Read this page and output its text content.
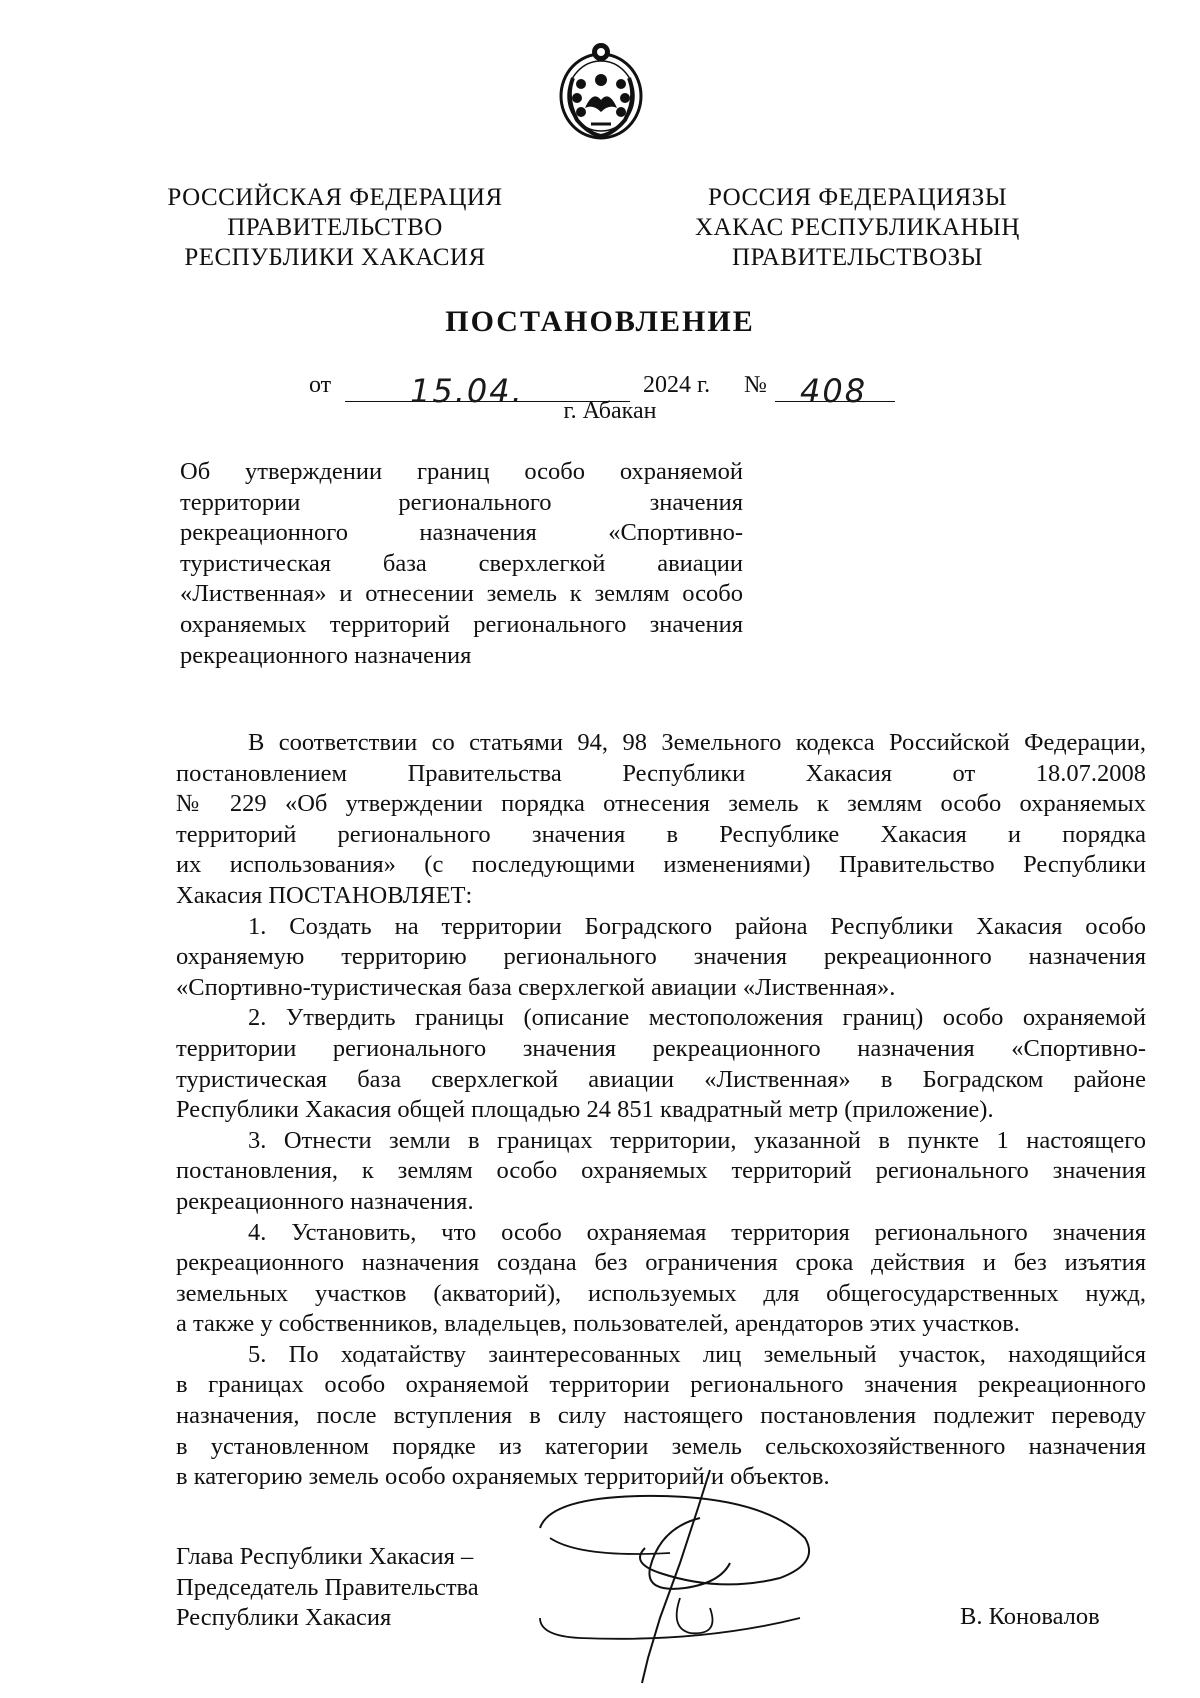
РОССИЙСКАЯ ФЕДЕРАЦИЯ
ПРАВИТЕЛЬСТВО
РЕСПУБЛИКИ ХАКАСИЯ
РОССИЯ ФЕДЕРАЦИЯЗЫ
ХАКАС РЕСПУБЛИКАНЫҢ
ПРАВИТЕЛЬСТВОЗЫ
ПОСТАНОВЛЕНИЕ
от 15.04.	2024 г. № 408
г. Абакан
Об утверждении границ особо охраняемой
территории регионального значения
рекреационного назначения «Спортивно-
туристическая база сверхлегкой авиации
«Лиственная» и отнесении земель к землям особо
охраняемых территорий регионального значения
рекреационного назначения
В соответствии со статьями 94, 98 Земельного кодекса Российской Федерации,
постановлением Правительства Республики Хакасия от 18.07.2008
№ 229 «Об утверждении порядка отнесения земель к землям особо охраняемых
территорий регионального значения в Республике Хакасия и порядка
их использования» (с последующими изменениями) Правительство Республики
Хакасия ПОСТАНОВЛЯЕТ:
1. Создать на территории Боградского района Республики Хакасия особо
охраняемую территорию регионального значения рекреационного назначения
«Спортивно-туристическая база сверхлегкой авиации «Лиственная».
2. Утвердить границы (описание местоположения границ) особо охраняемой
территории регионального значения рекреационного назначения «Спортивно-
туристическая база сверхлегкой авиации «Лиственная» в Боградском районе
Республики Хакасия общей площадью 24 851 квадратный метр (приложение).
3. Отнести земли в границах территории, указанной в пункте 1 настоящего
постановления, к землям особо охраняемых территорий регионального значения
рекреационного назначения.
4. Установить, что особо охраняемая территория регионального значения
рекреационного назначения создана без ограничения срока действия и без изъятия
земельных участков (акваторий), используемых для общегосударственных нужд,
а также у собственников, владельцев, пользователей, арендаторов этих участков.
5. По ходатайству заинтересованных лиц земельный участок, находящийся
в границах особо охраняемой территории регионального значения рекреационного
назначения, после вступления в силу настоящего постановления подлежит переводу
в установленном порядке из категории земель сельскохозяйственного назначения
в категорию земель особо охраняемых территорий и объектов.
Глава Республики Хакасия –
Председатель Правительства
Республики Хакасия	В. Коновалов
